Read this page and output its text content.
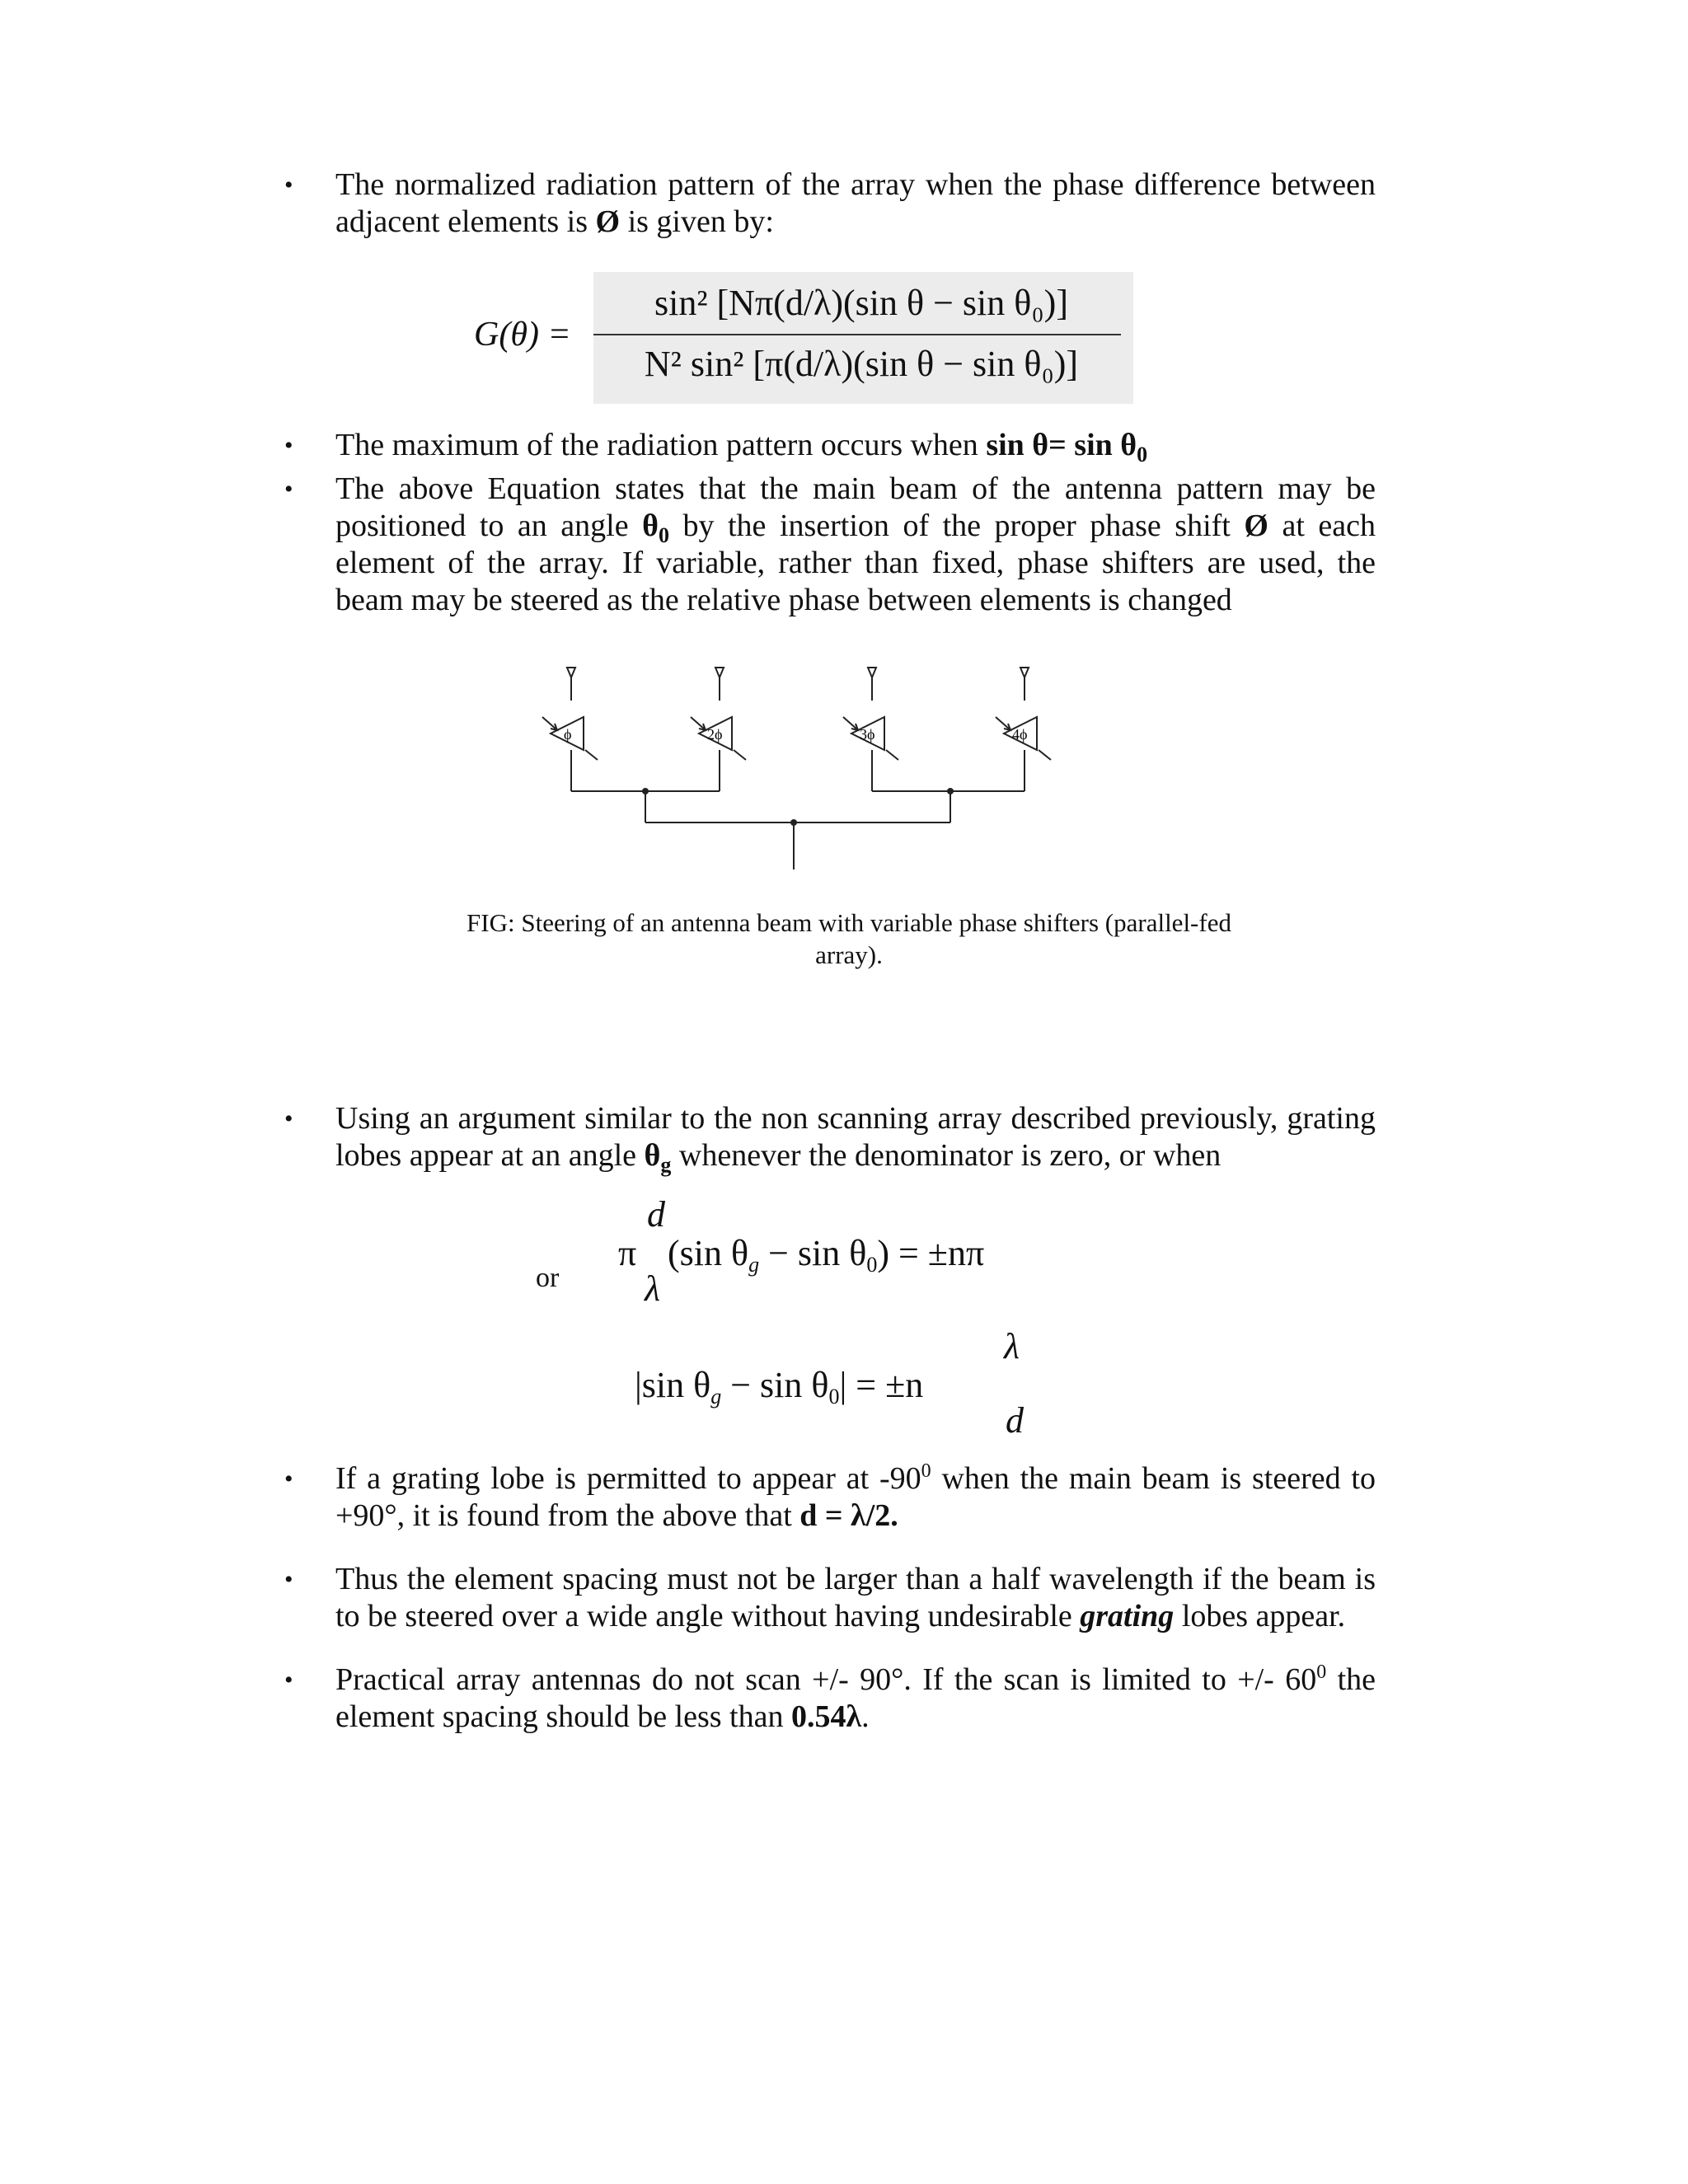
• The normalized radiation pattern of the array when the phase difference between adjacent elements is Ø is given by:
G(θ) =
sin² [Nπ(d/λ)(sin θ − sin θ₀)]
N² sin² [π(d/λ)(sin θ − sin θ₀)]
• The maximum of the radiation pattern occurs when $\sin \theta= \sin \theta_0$
• The above Equation states that the main beam of the antenna pattern may be positioned to an angle $\theta_0$ by the insertion of the proper phase shift Ø at each element of the array. If variable, rather than fixed, phase shifters are used, the beam may be steered as the relative phase between elements is changed
ϕ	2ϕ	3ϕ	4ϕ
FIG: Steering of an antenna beam with variable phase shifters (parallel-fed array).
• Using an argument similar to the non scanning array described previously, grating lobes appear at an angle $\theta_g$ whenever the denominator is zero, or when
or
π
d
λ
(sin $\theta_g - \sin \theta_0) = \pm n\pi$
|sin $\theta_g - \sin \theta_0| = \pm n$
λ
d
• If a grating lobe is permitted to appear at $-90^0$ when the main beam is steered to +90°, it is found from the above that d = λ/2.
• Thus the element spacing must not be larger than a half wavelength if the beam is to be steered over a wide angle without having undesirable grating lobes appear.
• Practical array antennas do not scan +/- 90°. If the scan is limited to +/- $60^0$ the element spacing should be less than 0.54λ.
